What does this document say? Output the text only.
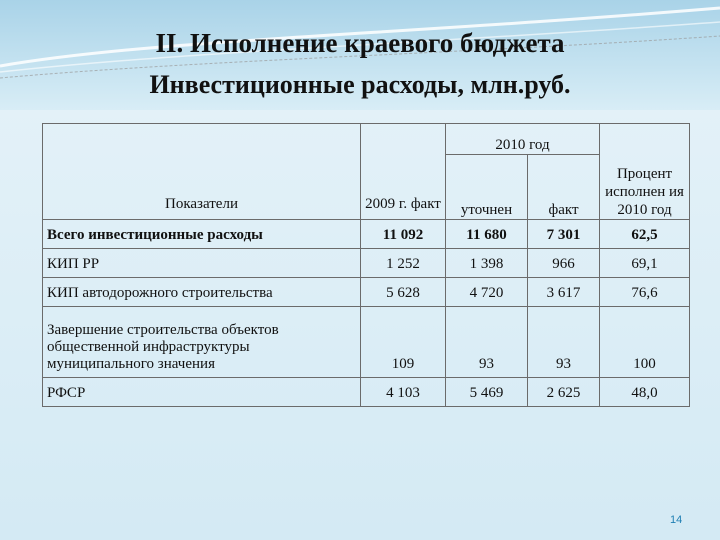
II. Исполнение краевого бюджета
Инвестиционные расходы, млн.руб.
Показатели	2009 г. факт	2010 год		Процент исполнен ия 2010 год
		уточнен	факт	
Всего инвестиционные расходы	11 092	11 680	7 301	62,5
КИП РР	1 252	1 398	966	69,1
КИП автодорожного строительства	5 628	4 720	3 617	76,6
Завершение строительства объектов общественной инфраструктуры муниципального значения	109	93	93	100
РФСР	4 103	5 469	2 625	48,0
14
